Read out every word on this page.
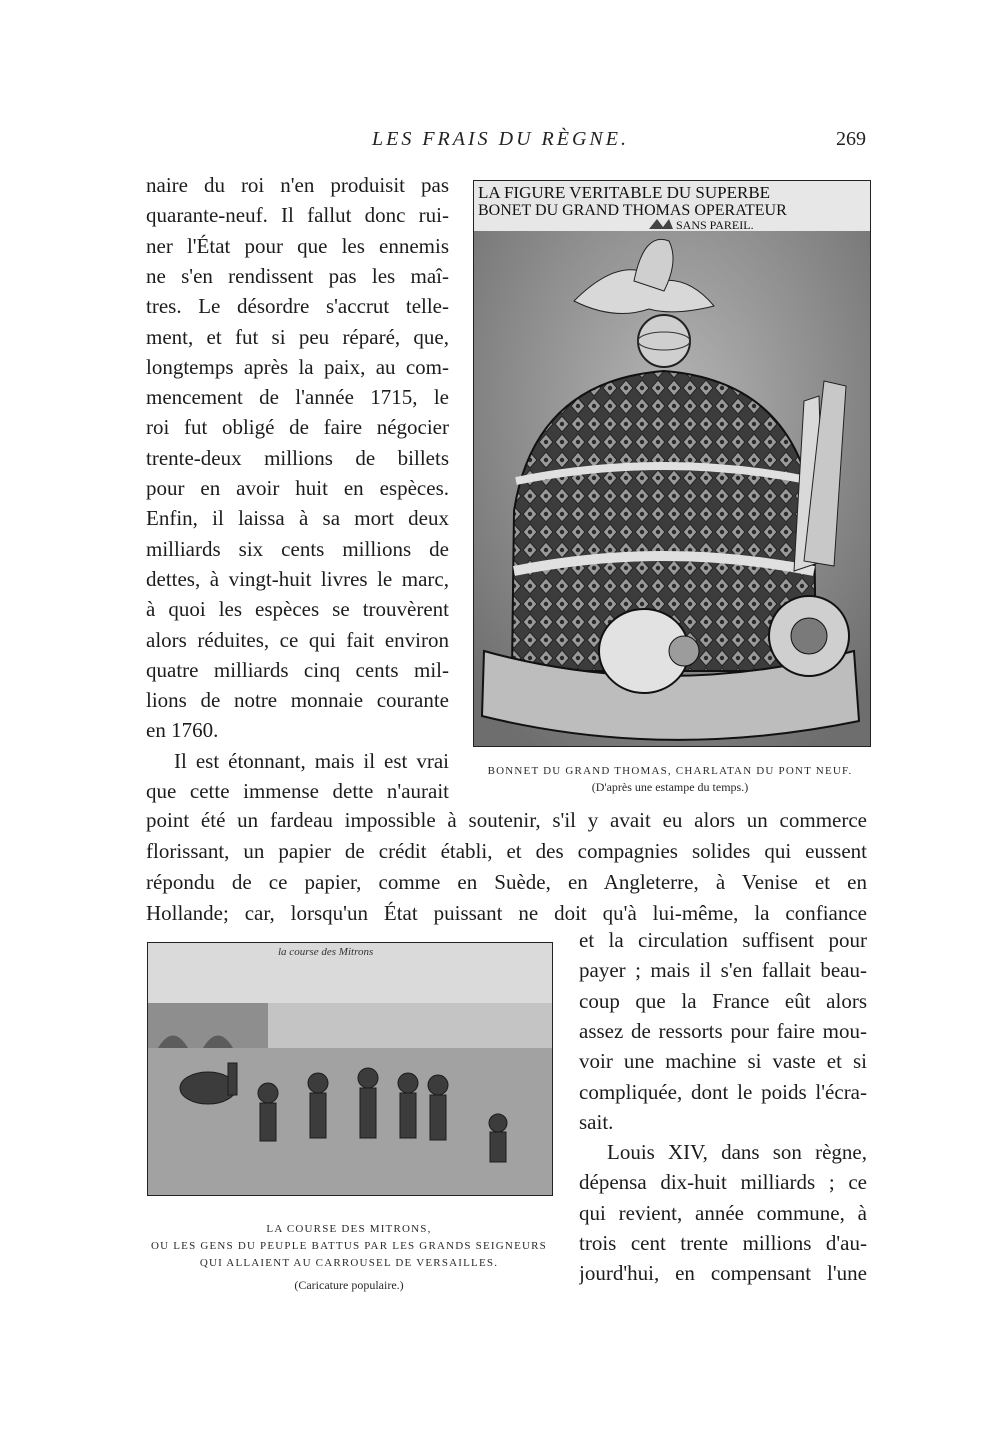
LES FRAIS DU RÈGNE.	269
naire du roi n'en produisit pas
quarante-neuf. Il fallut donc rui-
ner l'État pour que les ennemis
ne s'en rendissent pas les maî-
tres. Le désordre s'accrut telle-
ment, et fut si peu réparé, que,
longtemps après la paix, au com-
mencement de l'année 1715, le
roi fut obligé de faire négocier
trente-deux millions de billets
pour en avoir huit en espèces.
Enfin, il laissa à sa mort deux
milliards six cents millions de
dettes, à vingt-huit livres le marc,
à quoi les espèces se trouvèrent
alors réduites, ce qui fait environ
quatre milliards cinq cents mil-
lions de notre monnaie courante
en 1760.
Il est étonnant, mais il est vrai
que cette immense dette n'aurait
point été un fardeau impossible à soutenir, s'il y avait eu alors un commerce
florissant, un papier de crédit établi, et des compagnies solides qui eussent
répondu de ce papier, comme en Suède, en Angleterre, à Venise et en
Hollande; car, lorsqu'un État puissant ne doit qu'à lui-même, la confiance
et la circulation suffisent pour
payer ; mais il s'en fallait beau-
coup que la France eût alors
assez de ressorts pour faire mou-
voir une machine si vaste et si
compliquée, dont le poids l'écra-
sait.
Louis XIV, dans son règne,
dépensa dix-huit milliards ; ce
qui revient, année commune, à
trois cent trente millions d'au-
jourd'hui, en compensant l'une
LA FIGURE VERITABLE DU SUPERBE
BONET DU GRAND THOMAS OPERATEUR
SANS PAREIL.
BONNET DU GRAND THOMAS, CHARLATAN DU PONT NEUF.
(D'après une estampe du temps.)
la course des Mitrons
LA COURSE DES MITRONS,
OU LES GENS DU PEUPLE BATTUS PAR LES GRANDS SEIGNEURS
QUI ALLAIENT AU CARROUSEL DE VERSAILLES.
(Caricature populaire.)
